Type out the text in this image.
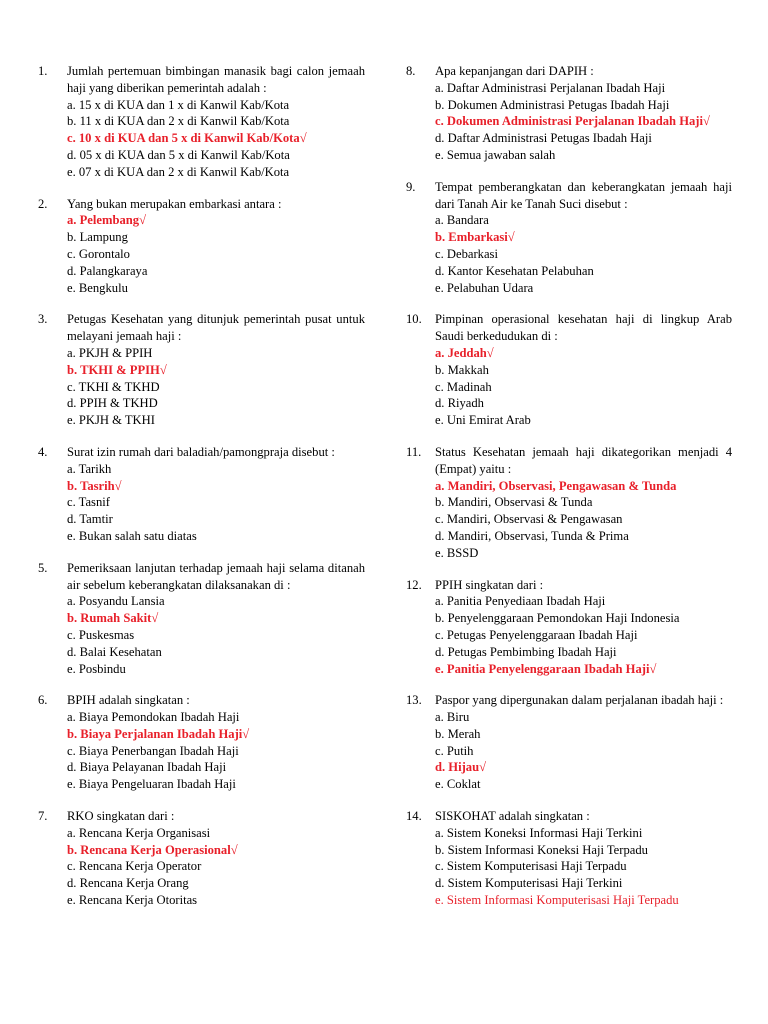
1. Jumlah pertemuan bimbingan manasik bagi calon jemaah haji yang diberikan pemerintah adalah :
a. 15 x di KUA dan 1 x di Kanwil Kab/Kota
b. 11 x di KUA dan 2 x di Kanwil Kab/Kota
c. 10 x di KUA dan 5 x di Kanwil Kab/Kota√
d. 05 x di KUA dan 5 x di Kanwil Kab/Kota
e. 07 x di KUA dan 2 x di Kanwil Kab/Kota
2. Yang bukan merupakan embarkasi antara :
a. Pelembang√
b. Lampung
c. Gorontalo
d. Palangkaraya
e. Bengkulu
3. Petugas Kesehatan yang ditunjuk pemerintah pusat untuk melayani jemaah haji :
a. PKJH & PPIH
b. TKHI & PPIH√
c. TKHI & TKHD
d. PPIH & TKHD
e. PKJH & TKHI
4. Surat izin rumah dari baladiah/pamongpraja disebut :
a. Tarikh
b. Tasrih√
c. Tasnif
d. Tamtir
e. Bukan salah satu diatas
5. Pemeriksaan lanjutan terhadap jemaah haji selama ditanah air sebelum keberangkatan dilaksanakan di :
a. Posyandu Lansia
b. Rumah Sakit√
c. Puskesmas
d. Balai Kesehatan
e. Posbindu
6. BPIH adalah singkatan :
a. Biaya Pemondokan Ibadah Haji
b. Biaya Perjalanan Ibadah Haji√
c. Biaya Penerbangan Ibadah Haji
d. Biaya Pelayanan Ibadah Haji
e. Biaya Pengeluaran Ibadah Haji
7. RKO singkatan dari :
a. Rencana Kerja Organisasi
b. Rencana Kerja Operasional√
c. Rencana Kerja Operator
d. Rencana Kerja Orang
e. Rencana Kerja Otoritas
8. Apa kepanjangan dari DAPIH :
a. Daftar Administrasi Perjalanan Ibadah Haji
b. Dokumen Administrasi Petugas Ibadah Haji
c. Dokumen Administrasi Perjalanan Ibadah Haji√
d. Daftar Administrasi Petugas Ibadah Haji
e. Semua jawaban salah
9. Tempat pemberangkatan dan keberangkatan jemaah haji dari Tanah Air ke Tanah Suci disebut :
a. Bandara
b. Embarkasi√
c. Debarkasi
d. Kantor Kesehatan Pelabuhan
e. Pelabuhan Udara
10. Pimpinan operasional kesehatan haji di lingkup Arab Saudi berkedudukan di :
a. Jeddah√
b. Makkah
c. Madinah
d. Riyadh
e. Uni Emirat Arab
11. Status Kesehatan jemaah haji dikategorikan menjadi 4 (Empat) yaitu :
a. Mandiri, Observasi, Pengawasan & Tunda
b. Mandiri, Observasi & Tunda
c. Mandiri, Observasi & Pengawasan
d. Mandiri, Observasi, Tunda & Prima
e. BSSD
12. PPIH singkatan dari :
a. Panitia Penyediaan Ibadah Haji
b. Penyelenggaraan Pemondokan Haji Indonesia
c. Petugas Penyelenggaraan Ibadah Haji
d. Petugas Pembimbing Ibadah Haji
e. Panitia Penyelenggaraan Ibadah Haji√
13. Paspor yang dipergunakan dalam perjalanan ibadah haji :
a. Biru
b. Merah
c. Putih
d. Hijau√
e. Coklat
14. SISKOHAT adalah singkatan :
a. Sistem Koneksi Informasi Haji Terkini
b. Sistem Informasi Koneksi Haji Terpadu
c. Sistem Komputerisasi Haji Terpadu
d. Sistem Komputerisasi Haji Terkini
e. Sistem Informasi Komputerisasi Haji Terpadu
